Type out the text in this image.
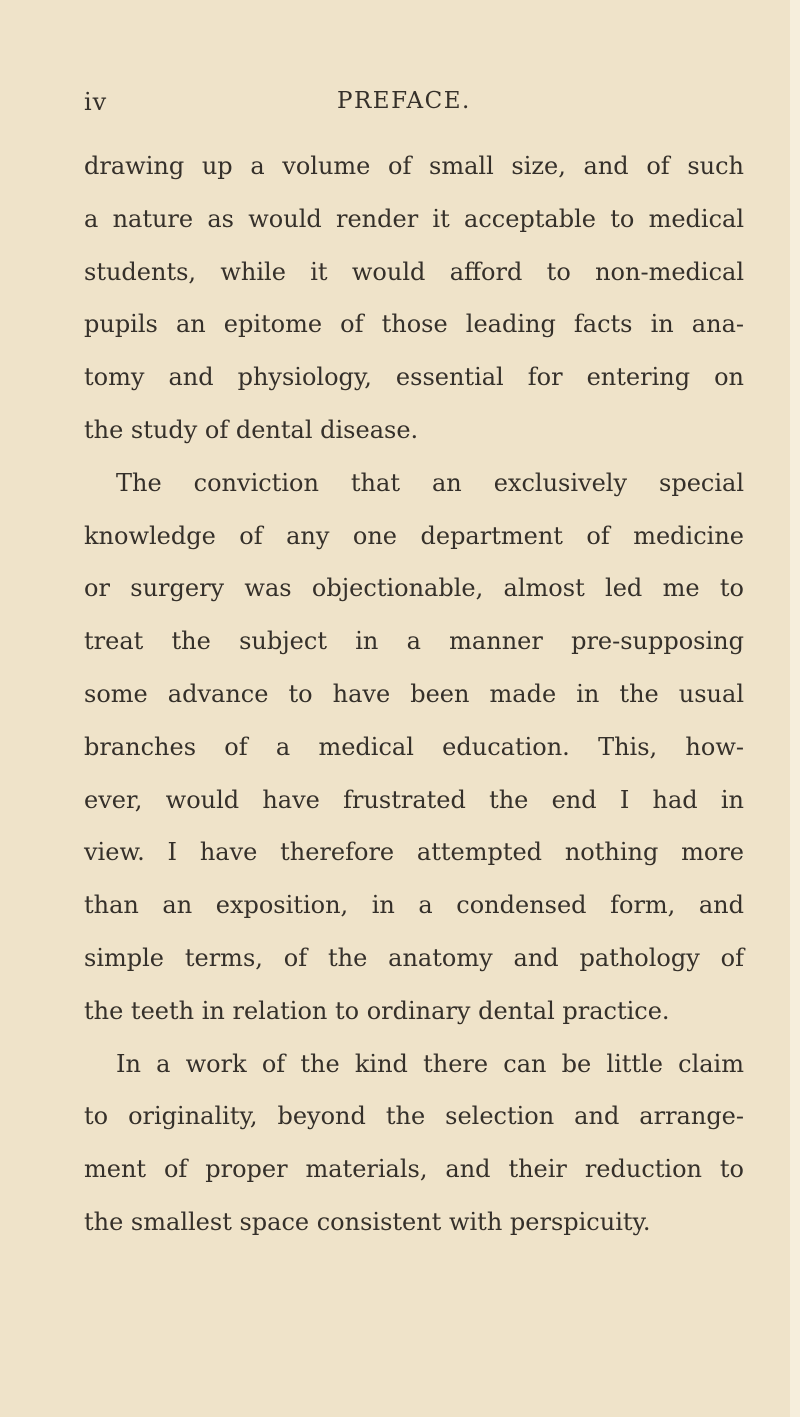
iv	PREFACE.
drawing up a volume of small size, and of such
a nature as would render it acceptable to medical
students, while it would afford to non-medical
pupils an epitome of those leading facts in ana-
tomy and physiology, essential for entering on
the study of dental disease.
The conviction that an exclusively special
knowledge of any one department of medicine
or surgery was objectionable, almost led me to
treat the subject in a manner pre-supposing
some advance to have been made in the usual
branches of a medical education. This, how-
ever, would have frustrated the end I had in
view. I have therefore attempted nothing more
than an exposition, in a condensed form, and
simple terms, of the anatomy and pathology of
the teeth in relation to ordinary dental practice.
In a work of the kind there can be little claim
to originality, beyond the selection and arrange-
ment of proper materials, and their reduction to
the smallest space consistent with perspicuity.
